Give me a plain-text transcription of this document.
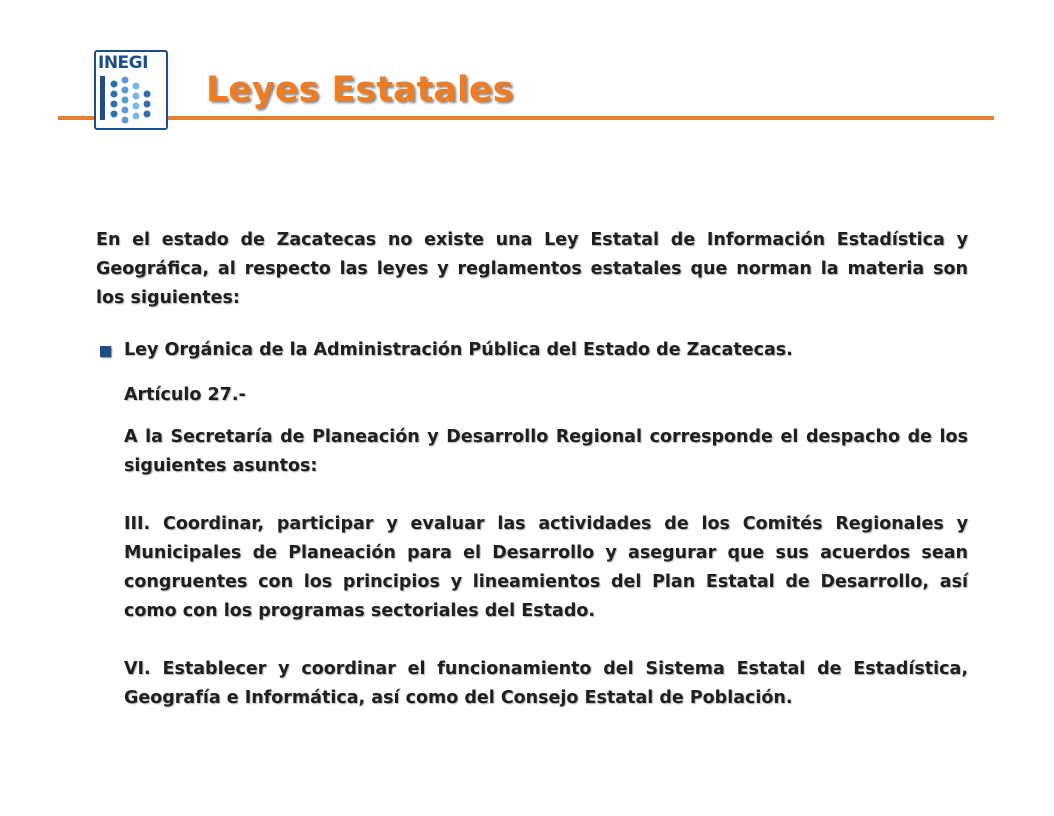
INEGI
Leyes Estatales

En el estado de Zacatecas no existe una Ley Estatal de Información Estadística y Geográfica, al respecto las leyes y reglamentos estatales que norman la materia son los siguientes:

Ley Orgánica de la Administración Pública del Estado de Zacatecas.

Artículo 27.-

A la Secretaría de Planeación y Desarrollo Regional corresponde el despacho de los siguientes asuntos:

III. Coordinar, participar y evaluar las actividades de los Comités Regionales y Municipales de Planeación para el Desarrollo y asegurar que sus acuerdos sean congruentes con los principios y lineamientos del Plan Estatal de Desarrollo, así como con los programas sectoriales del Estado.

VI. Establecer y coordinar el funcionamiento del Sistema Estatal de Estadística, Geografía e Informática, así como del Consejo Estatal de Población.
